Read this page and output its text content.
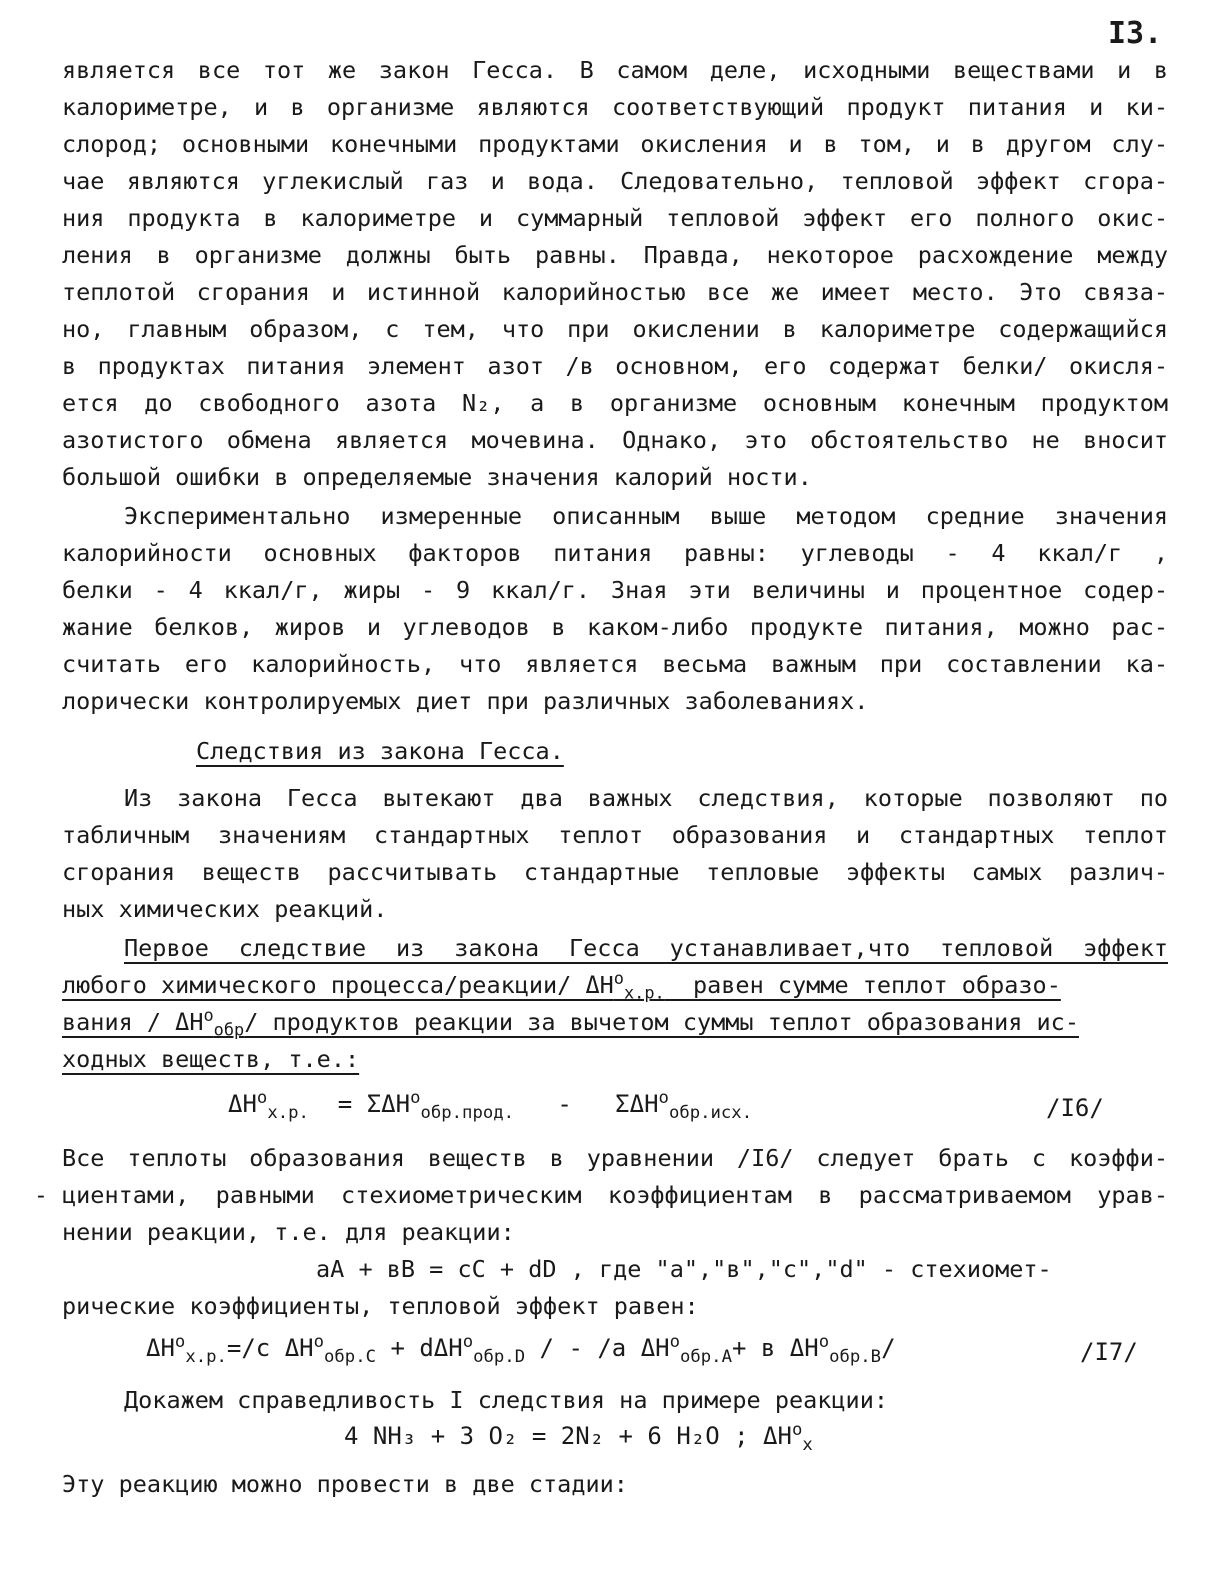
I3.
является все тот же закон Гесса. В самом деле, исходными веществами и в
калориметре, и в организме являются соответствующий продукт питания и ки-
слород; основными конечными продуктами окисления и в том, и в другом слу-
чае являются углекислый газ и вода. Следовательно, тепловой эффект сгора-
ния продукта в калориметре и суммарный тепловой эффект его полного окис-
ления в организме должны быть равны. Правда, некоторое расхождение между
теплотой сгорания и истинной калорийностью все же имеет место. Это связа-
но, главным образом, с тем, что при окислении в калориметре содержащийся
в продуктах питания элемент азот /в основном, его содержат белки/ окисля-
ется до свободного азота N₂, а в организме основным конечным продуктом
азотистого обмена является мочевина. Однако, это обстоятельство не вносит
большой ошибки в определяемые значения калорий ности.
Экспериментально измеренные описанным выше методом средние значения
калорийности основных факторов питания равны: углеводы - 4 ккал/г ,
белки - 4 ккал/г, жиры - 9 ккал/г. Зная эти величины и процентное содер-
жание белков, жиров и углеводов в каком-либо продукте питания, можно рас-
считать его калорийность, что является весьма важным при составлении ка-
лорически контролируемых диет при различных заболеваниях.
Следствия из закона Гесса.
Из закона Гесса вытекают два важных следствия, которые позволяют по
табличным значениям стандартных теплот образования и стандартных теплот
сгорания веществ рассчитывать стандартные тепловые эффекты самых различ-
ных химических реакций.
Первое следствие из закона Гесса устанавливает,что тепловой эффект
любого химического процесса/реакции/ $\Delta H^o_{x.p.}$ равен сумме теплот образо-
вания / $\Delta H^o_{обр}/$ продуктов реакции за вычетом суммы теплот образования ис-
ходных веществ, т.е.:
$\Delta H^o_{x.p.} = \Sigma\Delta H^o_{обр.прод.} - \Sigma\Delta H^o_{обр.исх.}$	/I6/
-
Все теплоты образования веществ в уравнении /I6/ следует брать с коэффи-
циентами, равными стехиометрическим коэффициентам в рассматриваемом урав-
нении реакции, т.е. для реакции:
аА + вВ = сС + dD , где "а","в","с","d" - стехиомет-
рические коэффициенты, тепловой эффект равен:
$\Delta H^o_{x.p.}=/c$ $\Delta H^o_{обр.С} + d\Delta H^o_{обр.D}$ / - /a $\Delta H^o_{обр.А}+ в$ $\Delta H^o_{обр.В}/$	/I7/
Докажем справедливость I следствия на примере реакции:
4 NH₃ + 3 O₂ = 2N₂ + 6 H₂O ; $\Delta H^o_x$
Эту реакцию можно провести в две стадии:
